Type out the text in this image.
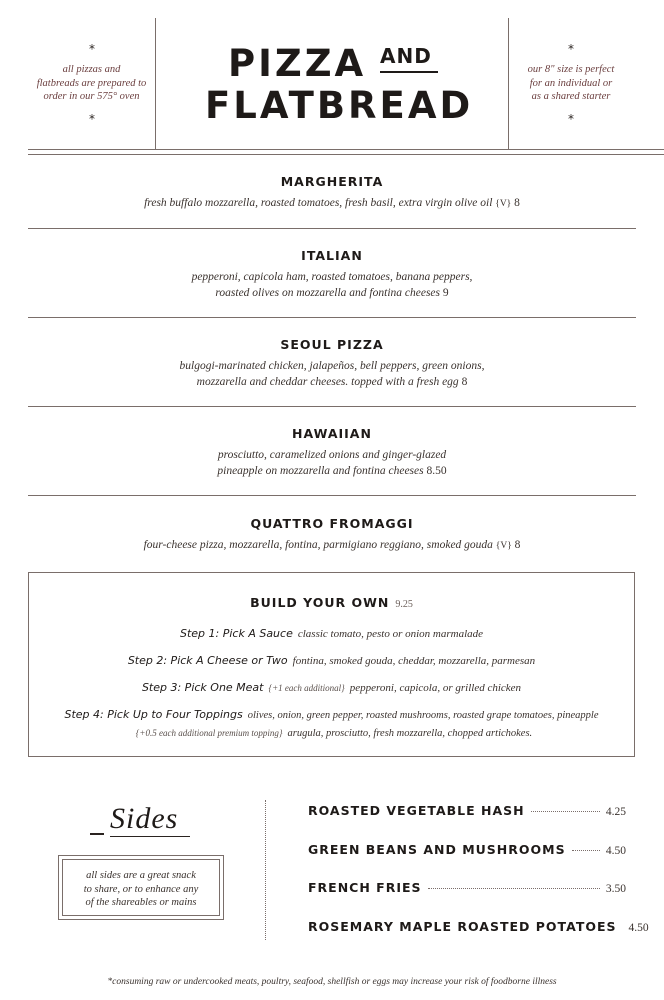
*
all pizzas and
flatbreads are prepared to
order in our 575° oven
*
PIZZA AND
FLATBREAD
*
our 8" size is perfect
for an individual or
as a shared starter
*
MARGHERITA
fresh buffalo mozzarella, roasted tomatoes, fresh basil, extra virgin olive oil {V} 8
ITALIAN
pepperoni, capicola ham, roasted tomatoes, banana peppers,
roasted olives on mozzarella and fontina cheeses 9
SEOUL PIZZA
bulgogi-marinated chicken, jalapeños, bell peppers, green onions,
mozzarella and cheddar cheeses. topped with a fresh egg 8
HAWAIIAN
prosciutto, caramelized onions and ginger-glazed
pineapple on mozzarella and fontina cheeses 8.50
QUATTRO FROMAGGI
four-cheese pizza, mozzarella, fontina, parmigiano reggiano, smoked gouda {V} 8
BUILD YOUR OWN 9.25
Step 1: Pick A Sauce classic tomato, pesto or onion marmalade
Step 2: Pick A Cheese or Two fontina, smoked gouda, cheddar, mozzarella, parmesan
Step 3: Pick One Meat {+1 each additional} pepperoni, capicola, or grilled chicken
Step 4: Pick Up to Four Toppings olives, onion, green pepper, roasted mushrooms, roasted grape tomatoes, pineapple
{+0.5 each additional premium topping} arugula, prosciutto, fresh mozzarella, chopped artichokes.
Sides
all sides are a great snack
to share, or to enhance any
of the shareables or mains
ROASTED VEGETABLE HASH	4.25
GREEN BEANS AND MUSHROOMS	4.50
FRENCH FRIES	3.50
ROSEMARY MAPLE ROASTED POTATOES 4.50
*consuming raw or undercooked meats, poultry, seafood, shellfish or eggs may increase your risk of foodborne illness
